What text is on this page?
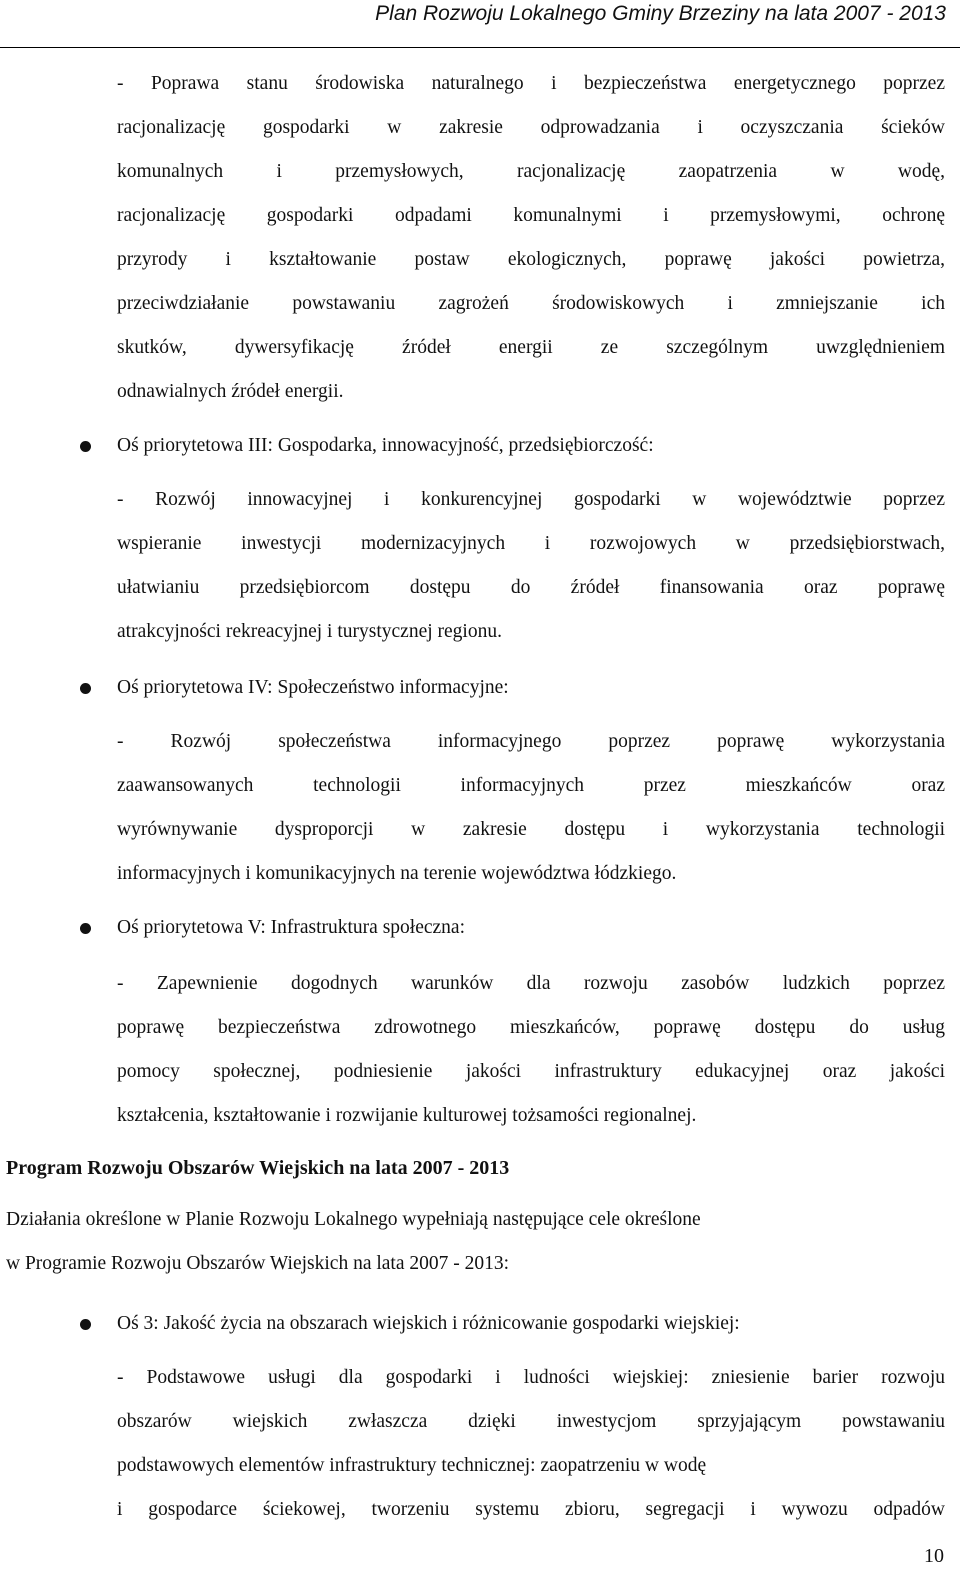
Plan Rozwoju Lokalnego Gminy Brzeziny na lata 2007 - 2013
- Poprawa stanu środowiska naturalnego i bezpieczeństwa energetycznego poprzez
racjonalizację gospodarki w zakresie odprowadzania i oczyszczania ścieków
komunalnych i przemysłowych, racjonalizację zaopatrzenia w wodę,
racjonalizację gospodarki odpadami komunalnymi i przemysłowymi, ochronę
przyrody i kształtowanie postaw ekologicznych, poprawę jakości powietrza,
przeciwdziałanie powstawaniu zagrożeń środowiskowych i zmniejszanie ich
skutków, dywersyfikację źródeł energii ze szczególnym uwzględnieniem
odnawialnych źródeł energii.
Oś priorytetowa III: Gospodarka, innowacyjność, przedsiębiorczość:
- Rozwój innowacyjnej i konkurencyjnej gospodarki w województwie poprzez
wspieranie inwestycji modernizacyjnych i rozwojowych w przedsiębiorstwach,
ułatwianiu przedsiębiorcom dostępu do źródeł finansowania oraz poprawę
atrakcyjności rekreacyjnej i turystycznej regionu.
Oś priorytetowa IV: Społeczeństwo informacyjne:
- Rozwój społeczeństwa informacyjnego poprzez poprawę wykorzystania
zaawansowanych technologii informacyjnych przez mieszkańców oraz
wyrównywanie dysproporcji w zakresie dostępu i wykorzystania technologii
informacyjnych i komunikacyjnych na terenie województwa łódzkiego.
Oś priorytetowa V: Infrastruktura społeczna:
- Zapewnienie dogodnych warunków dla rozwoju zasobów ludzkich poprzez
poprawę bezpieczeństwa zdrowotnego mieszkańców, poprawę dostępu do usług
pomocy społecznej, podniesienie jakości infrastruktury edukacyjnej oraz jakości
kształcenia, kształtowanie i rozwijanie kulturowej tożsamości regionalnej.
Program Rozwoju Obszarów Wiejskich na lata 2007 - 2013
Działania określone w Planie Rozwoju Lokalnego wypełniają następujące cele określone
w Programie Rozwoju Obszarów Wiejskich na lata 2007 - 2013:
Oś 3: Jakość życia na obszarach wiejskich i różnicowanie gospodarki wiejskiej:
- Podstawowe usługi dla gospodarki i ludności wiejskiej: zniesienie barier rozwoju
obszarów wiejskich zwłaszcza dzięki inwestycjom sprzyjającym powstawaniu
podstawowych elementów infrastruktury technicznej: zaopatrzeniu w wodę
i gospodarce ściekowej, tworzeniu systemu zbioru, segregacji i wywozu odpadów
10
